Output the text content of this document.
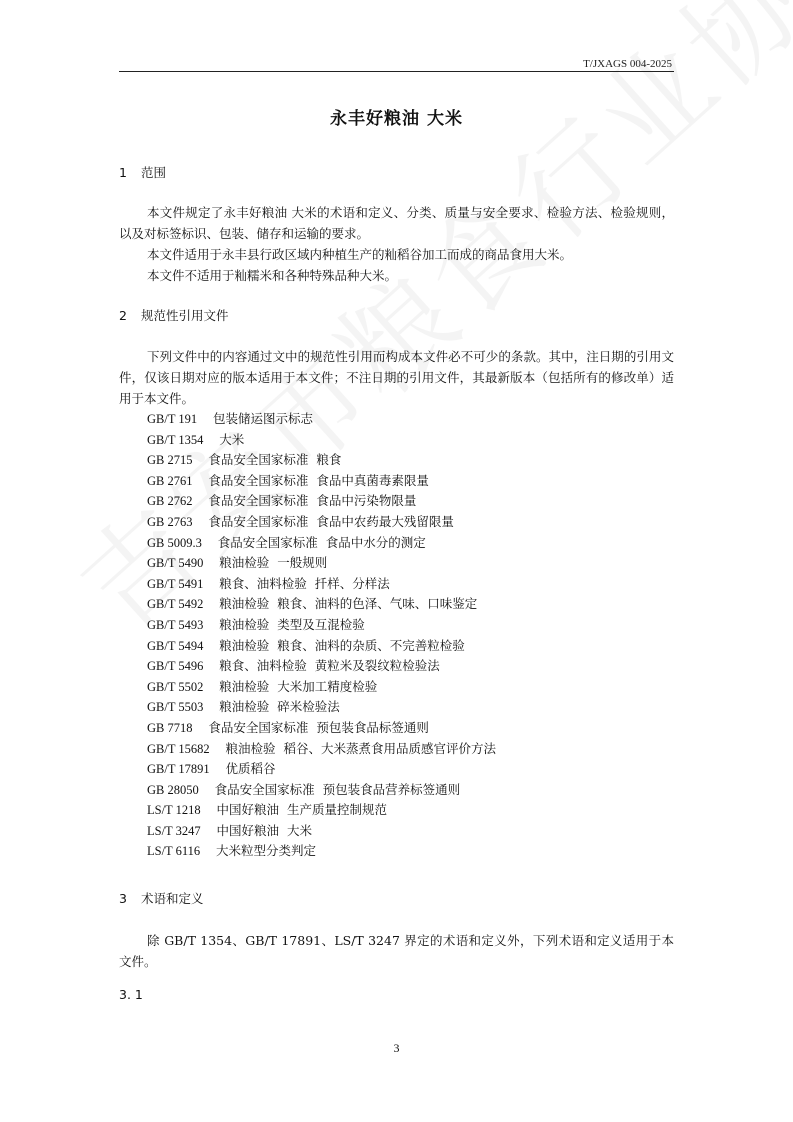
T/JXAGS 004-2025
永丰好粮油 大米
1 范围
本文件规定了永丰好粮油 大米的术语和定义、分类、质量与安全要求、检验方法、检验规则，以及对标签标识、包装、储存和运输的要求。
本文件适用于永丰县行政区域内种植生产的籼稻谷加工而成的商品食用大米。
本文件不适用于籼糯米和各种特殊品种大米。
2 规范性引用文件
下列文件中的内容通过文中的规范性引用而构成本文件必不可少的条款。其中，注日期的引用文件，仅该日期对应的版本适用于本文件；不注日期的引用文件，其最新版本（包括所有的修改单）适用于本文件。
GB/T 191 包装储运图示标志
GB/T 1354 大米
GB 2715 食品安全国家标准  粮食
GB 2761 食品安全国家标准  食品中真菌毒素限量
GB 2762 食品安全国家标准  食品中污染物限量
GB 2763 食品安全国家标准  食品中农药最大残留限量
GB 5009.3 食品安全国家标准  食品中水分的测定
GB/T 5490 粮油检验  一般规则
GB/T 5491 粮食、油料检验  扦样、分样法
GB/T 5492 粮油检验  粮食、油料的色泽、气味、口味鉴定
GB/T 5493 粮油检验  类型及互混检验
GB/T 5494 粮油检验  粮食、油料的杂质、不完善粒检验
GB/T 5496 粮食、油料检验  黄粒米及裂纹粒检验法
GB/T 5502 粮油检验  大米加工精度检验
GB/T 5503 粮油检验  碎米检验法
GB 7718 食品安全国家标准  预包装食品标签通则
GB/T 15682 粮油检验  稻谷、大米蒸煮食用品质感官评价方法
GB/T 17891 优质稻谷
GB 28050 食品安全国家标准  预包装食品营养标签通则
LS/T 1218 中国好粮油  生产质量控制规范
LS/T 3247 中国好粮油  大米
LS/T 6116 大米粒型分类判定
3 术语和定义
除 GB/T 1354、GB/T 17891、LS/T 3247 界定的术语和定义外，下列术语和定义适用于本文件。
3. 1
3
